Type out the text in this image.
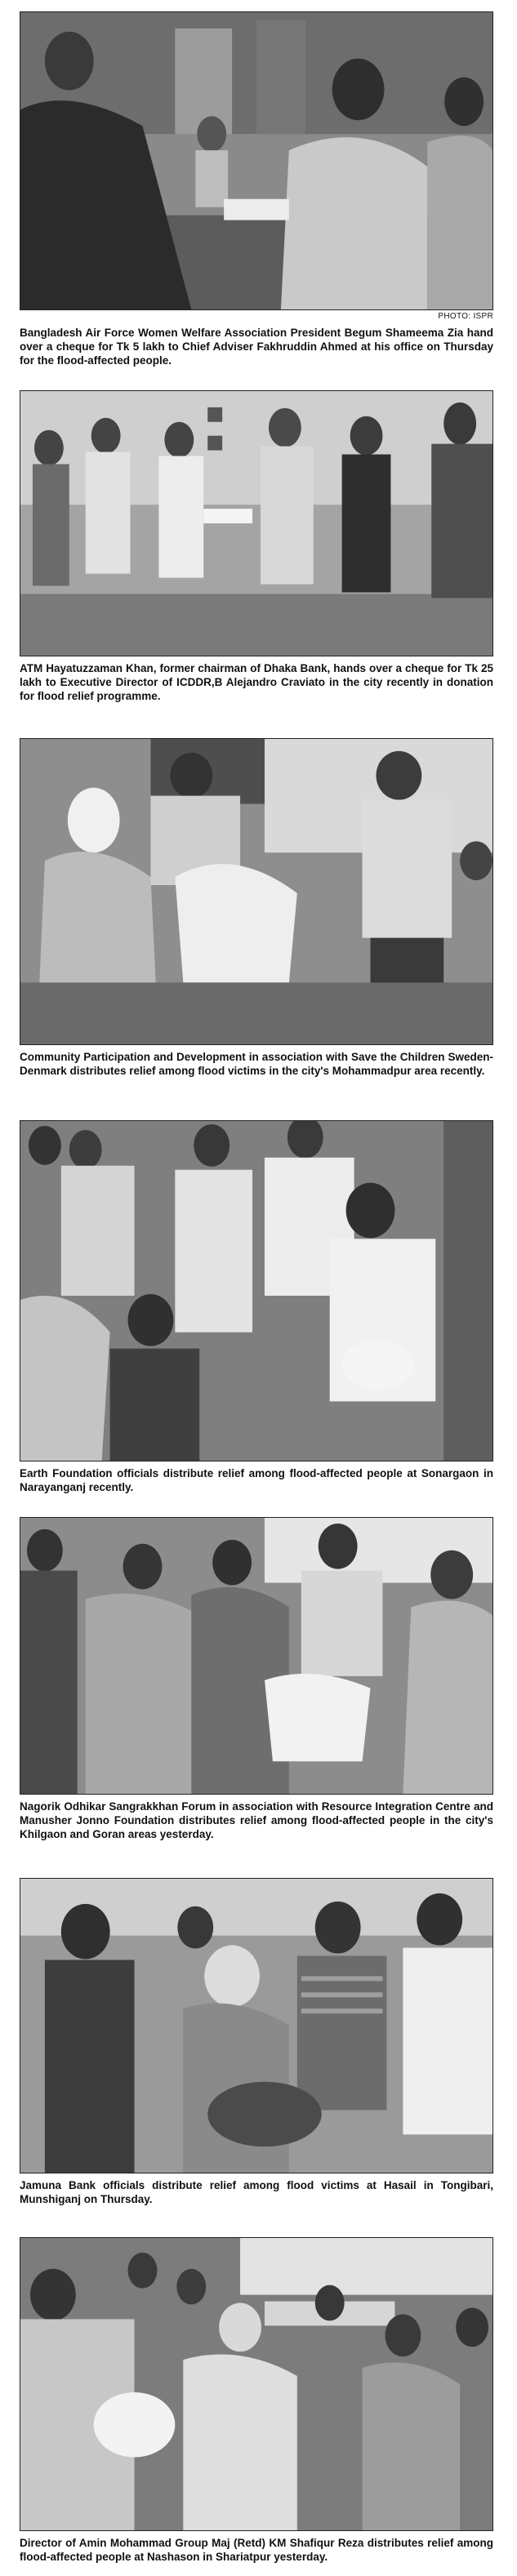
PHOTO: ISPR
Bangladesh Air Force Women Welfare Association President Begum Shameema Zia hand over a cheque for Tk 5 lakh to Chief Adviser Fakhruddin Ahmed at his office on Thursday for the flood-affected people.
ATM Hayatuzzaman Khan, former chairman of Dhaka Bank, hands over a cheque for Tk 25 lakh to Executive Director of ICDDR,B Alejandro Craviato in the city recently in donation for flood relief programme.
Community Participation and Development in association with Save the Children Sweden-Denmark distributes relief among flood victims in the city's Mohammadpur area recently.
Earth Foundation officials distribute relief among flood-affected people at Sonargaon in Narayanganj recently.
Nagorik Odhikar Sangrakkhan Forum in association with Resource Integration Centre and Manusher Jonno Foundation distributes relief among flood-affected people in the city's Khilgaon and Goran areas yesterday.
Jamuna Bank officials distribute relief among flood victims at Hasail in Tongibari, Munshiganj on Thursday.
Director of Amin Mohammad Group Maj (Retd) KM Shafiqur Reza distributes relief among flood-affected people at Nashason in Shariatpur yesterday.
